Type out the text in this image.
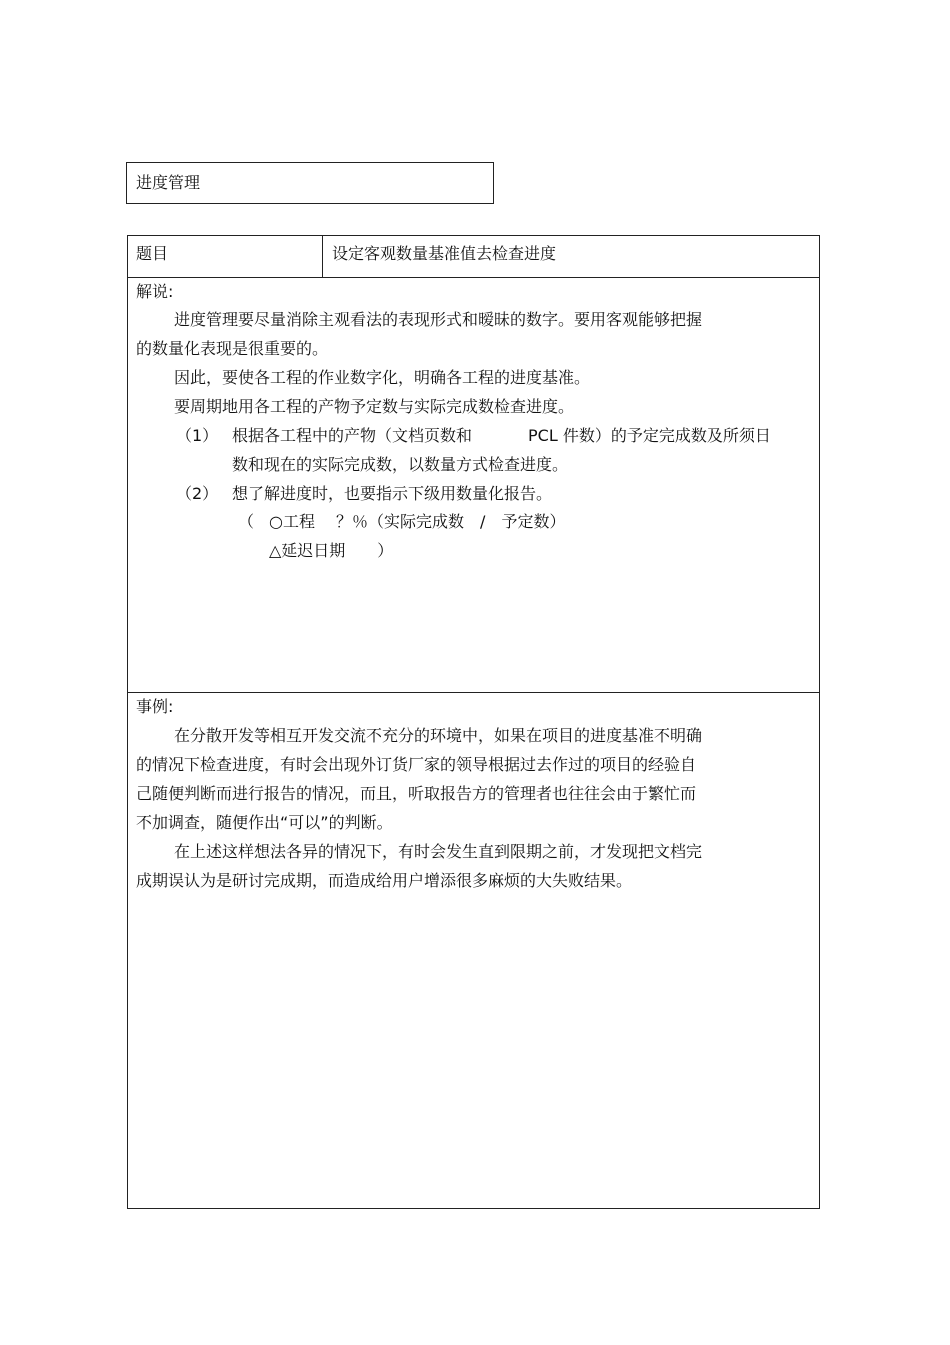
进度管理
题目	设定客观数量基准值去检查进度
解说:
进度管理要尽量消除主观看法的表现形式和暧昧的数字。要用客观能够把握
的数量化表现是很重要的。
因此，要使各工程的作业数字化，明确各工程的进度基准。
要周期地用各工程的产物予定数与实际完成数检查进度。
（1） 根据各工程中的产物（文档页数和	PCL 件数）的予定完成数及所须日
数和现在的实际完成数，以数量方式检查进度。
（2） 想了解进度时，也要指示下级用数量化报告。
（ ○工程　 ？％（实际完成数　/　予定数）
△延迟日期　　）
事例:
在分散开发等相互开发交流不充分的环境中，如果在项目的进度基准不明确
的情况下检查进度，有时会出现外订货厂家的领导根据过去作过的项目的经验自
己随便判断而进行报告的情况，而且，听取报告方的管理者也往往会由于繁忙而
不加调查，随便作出“可以”的判断。
在上述这样想法各异的情况下，有时会发生直到限期之前，才发现把文档完
成期误认为是研讨完成期，而造成给用户增添很多麻烦的大失败结果。
